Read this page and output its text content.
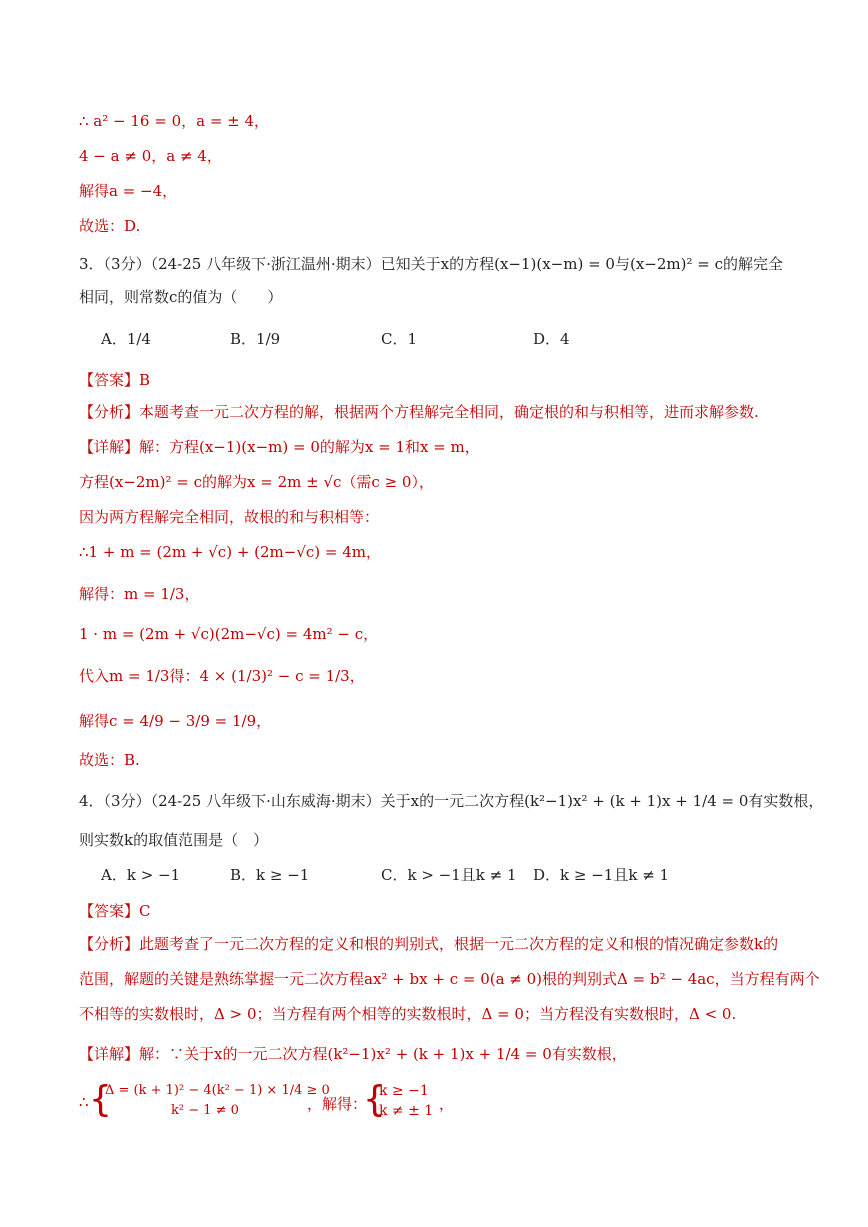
∴ a² − 16 = 0，a = ± 4，
4 − a ≠ 0，a ≠ 4，
解得a = −4，
故选：D.
3．（3分）（24-25 八年级下·浙江温州·期末）已知关于x的方程(x−1)(x−m) = 0与(x−2m)² = c的解完全
相同，则常数c的值为（　　）
【答案】B
【分析】本题考查一元二次方程的解，根据两个方程解完全相同，确定根的和与积相等，进而求解参数.
【详解】解：方程(x−1)(x−m) = 0的解为x = 1和x = m，
方程(x−2m)² = c的解为x = 2m ± √c（需c ≥ 0），
因为两方程解完全相同，故根的和与积相等：
∴1 + m = (2m + √c) + (2m−√c) = 4m，
解得：m = 1/3，
1 · m = (2m + √c)(2m−√c) = 4m² − c，
代入m = 1/3得：4 × (1/3)² − c = 1/3，
解得c = 4/9 − 3/9 = 1/9，
故选：B.
4．（3分）（24-25 八年级下·山东威海·期末）关于x的一元二次方程(k²−1)x² + (k + 1)x + 1/4 = 0有实数根，
则实数k的取值范围是（　）
【答案】C
【分析】此题考查了一元二次方程的定义和根的判别式，根据一元二次方程的定义和根的情况确定参数k的
范围，解题的关键是熟练掌握一元二次方程ax² + bx + c = 0(a ≠ 0)根的判别式Δ = b² − 4ac，当方程有两个
不相等的实数根时，Δ > 0；当方程有两个相等的实数根时，Δ = 0；当方程没有实数根时，Δ < 0.
【详解】解：∵关于x的一元二次方程(k²−1)x² + (k + 1)x + 1/4 = 0有实数根，
A．1/4	B．1/9	C．1	D．4
A．k > −1	B．k ≥ −1	C．k > −1且k ≠ 1 D．k ≥ −1且k ≠ 1
∴ {
Δ = (k + 1)² − 4(k² − 1) × 1/4 ≥ 0
k² − 1 ≠ 0	，解得：
{
k ≥ −1
k ≠ ± 1 ，
